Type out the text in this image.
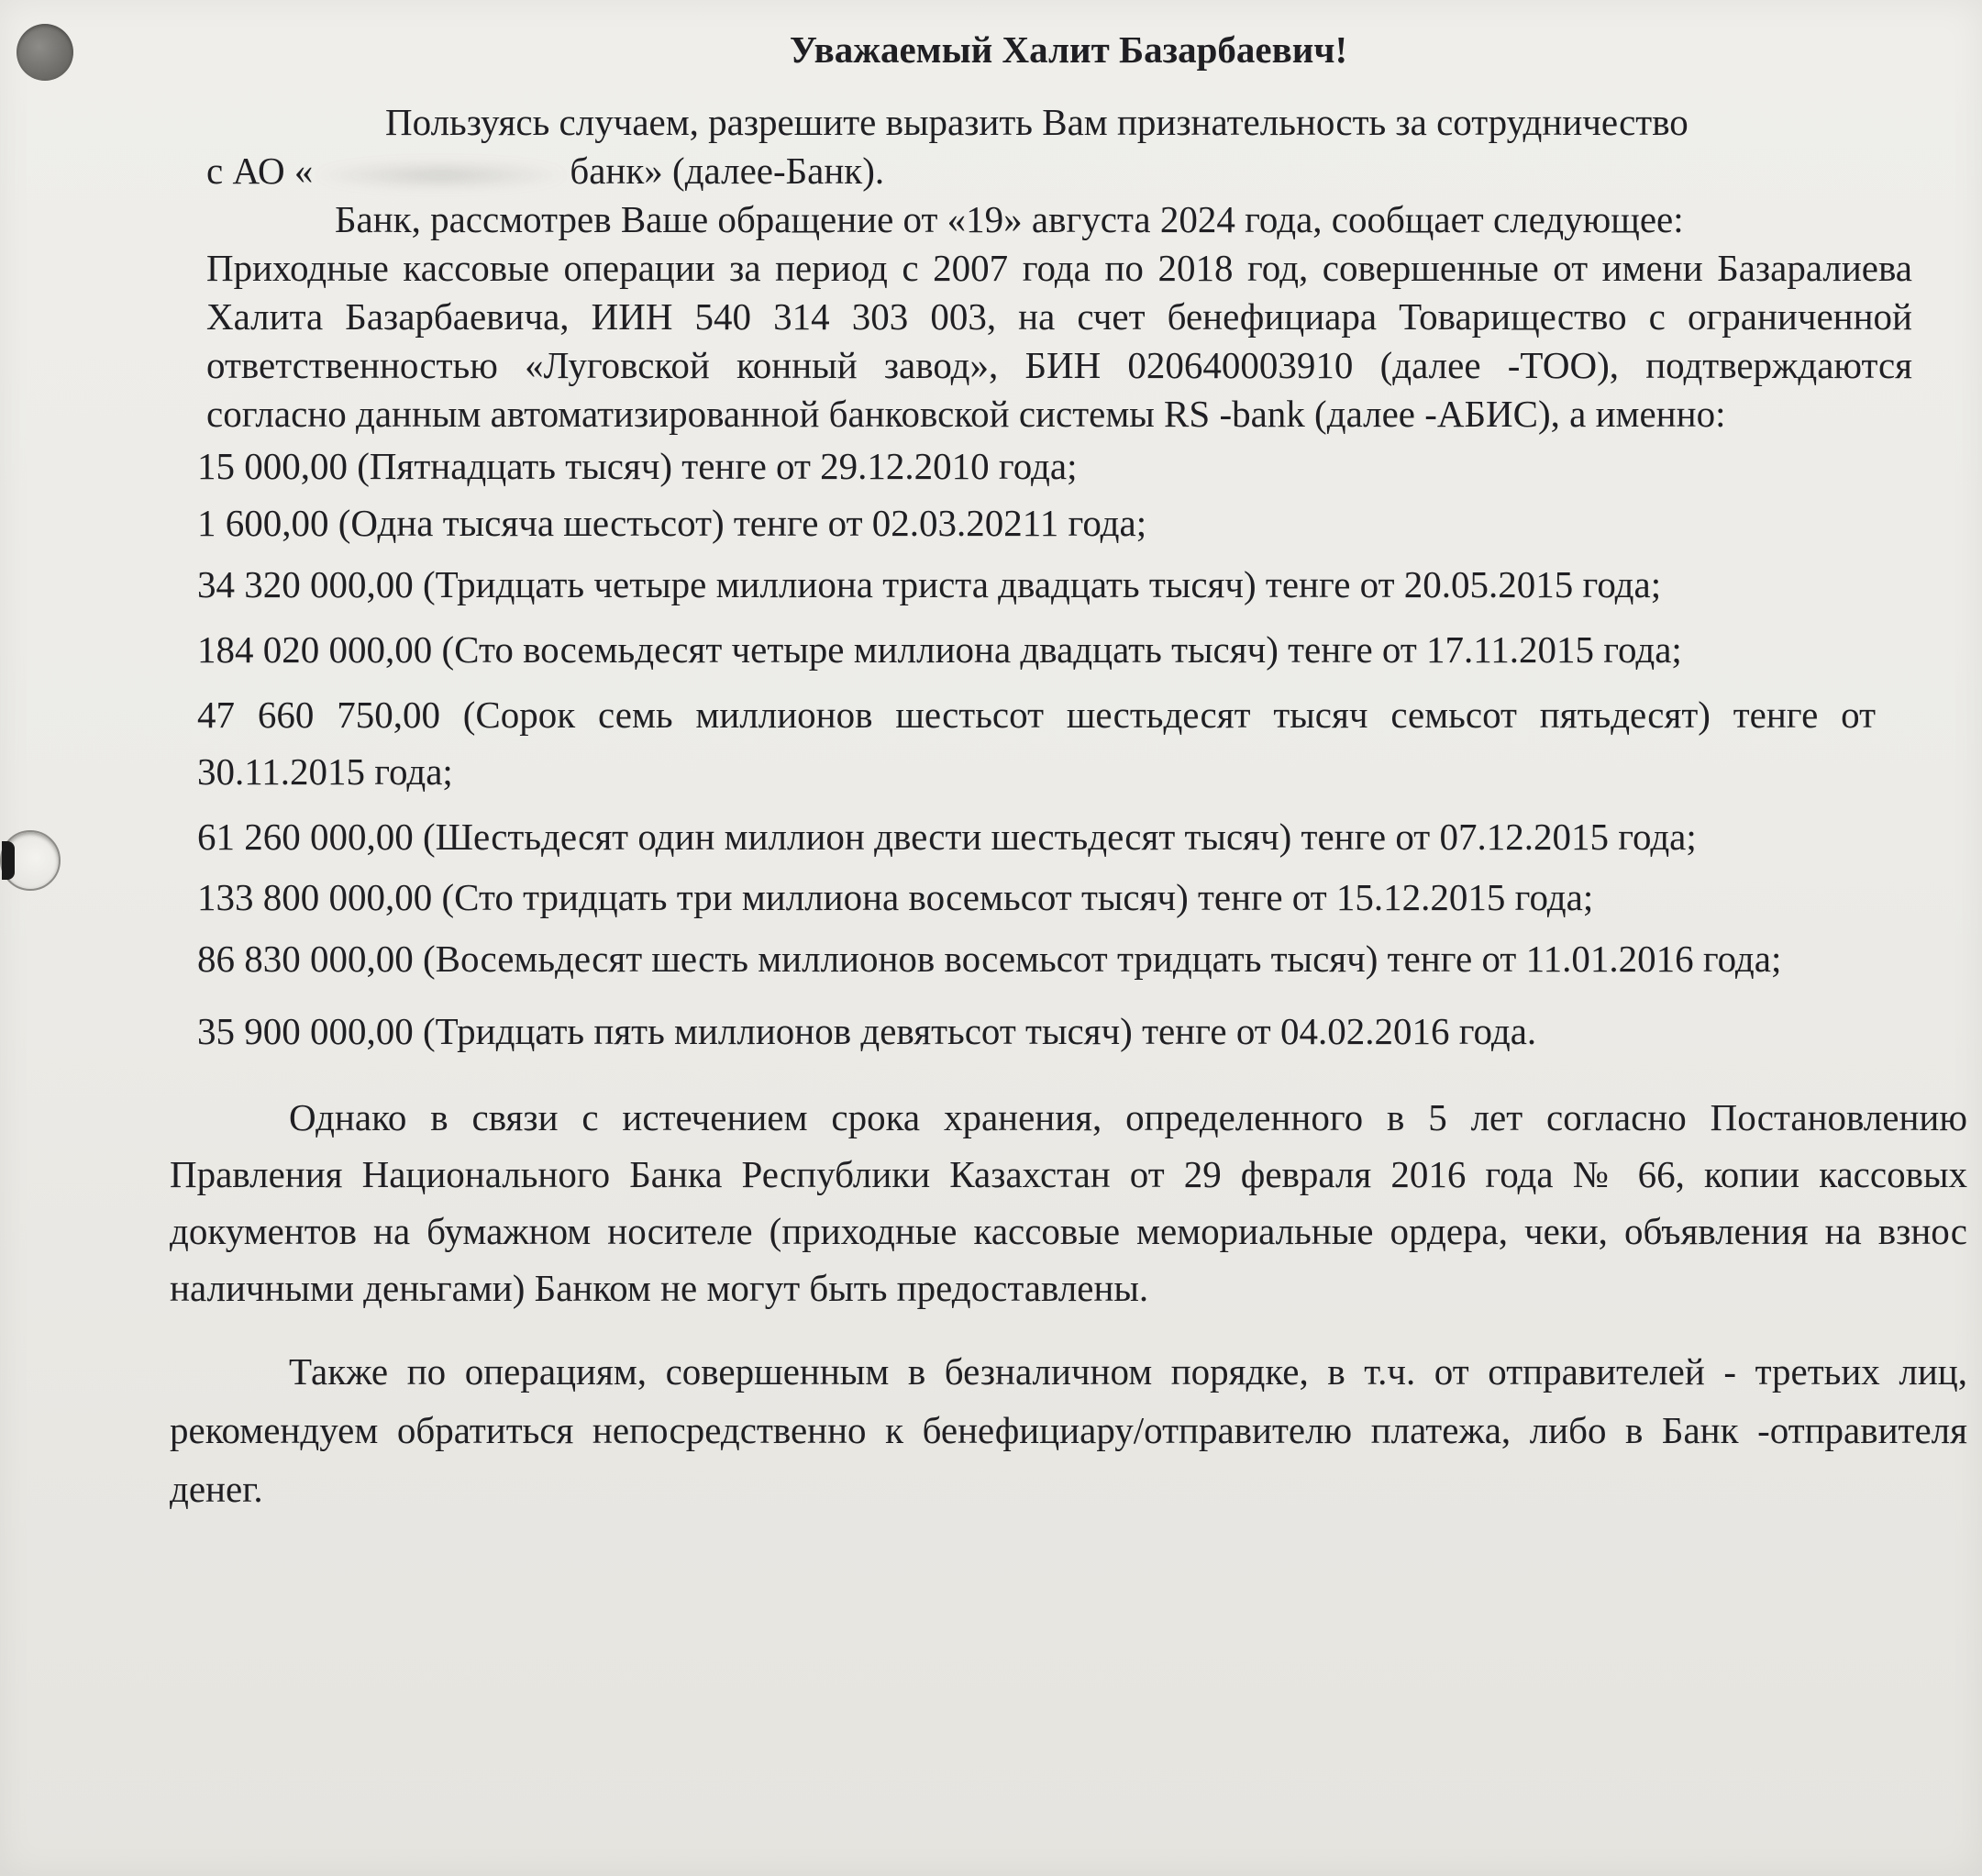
Уважаемый Халит Базарбаевич!

Пользуясь случаем, разрешите выразить Вам признательность за сотрудничество

с АО «	банк» (далее-Банк).

Банк, рассмотрев Ваше обращение от «19» августа 2024 года, сообщает следующее:

Приходные кассовые операции за период с 2007 года по 2018 год, совершенные от имени Базаралиева Халита Базарбаевича, ИИН 540 314 303 003, на счет бенефициара Товарищество с ограниченной ответственностью «Луговской конный завод», БИН 020640003910 (далее -ТОО), подтверждаются согласно данным автоматизированной банковской системы RS -bank (далее -АБИС), а именно:

15 000,00 (Пятнадцать тысяч) тенге от 29.12.2010 года;

1 600,00 (Одна тысяча шестьсот) тенге от 02.03.20211 года;

34 320 000,00 (Тридцать четыре миллиона триста двадцать тысяч) тенге от 20.05.2015 года;

184 020 000,00 (Сто восемьдесят четыре миллиона двадцать тысяч) тенге от 17.11.2015 года;

47 660 750,00 (Сорок семь миллионов шестьсот шестьдесят тысяч семьсот пятьдесят) тенге от 30.11.2015 года;

61 260 000,00 (Шестьдесят один миллион двести шестьдесят тысяч) тенге от 07.12.2015 года;

133 800 000,00 (Сто тридцать три миллиона восемьсот тысяч) тенге от 15.12.2015 года;

86 830 000,00 (Восемьдесят шесть миллионов восемьсот тридцать тысяч) тенге от 11.01.2016 года;

35 900 000,00 (Тридцать пять миллионов девятьсот тысяч) тенге от 04.02.2016 года.

Однако в связи с истечением срока хранения, определенного в 5 лет согласно Постановлению Правления Национального Банка Республики Казахстан от 29 февраля 2016 года № 66, копии кассовых документов на бумажном носителе (приходные кассовые мемориальные ордера, чеки, объявления на взнос наличными деньгами) Банком не могут быть предоставлены.

Также по операциям, совершенным в безналичном порядке, в т.ч. от отправителей - третьих лиц, рекомендуем обратиться непосредственно к бенефициару/отправителю платежа, либо в Банк -отправителя денег.
